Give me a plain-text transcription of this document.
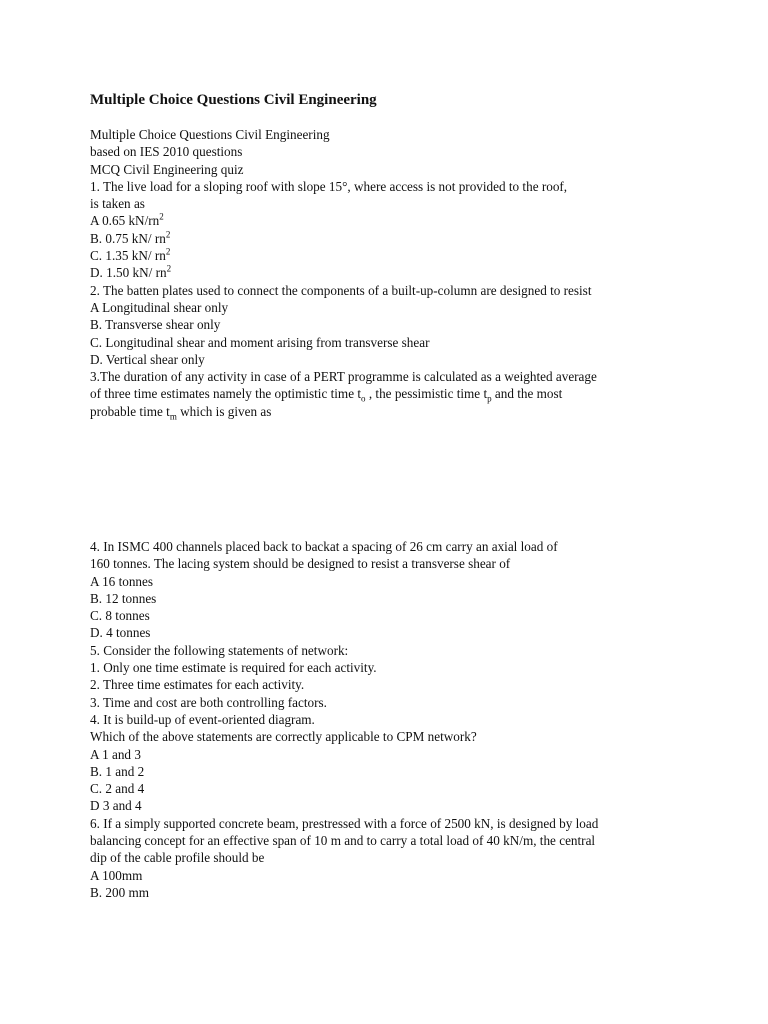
Multiple Choice Questions Civil Engineering
Multiple Choice Questions Civil Engineering
based on IES 2010 questions
MCQ Civil Engineering quiz
1. The live load for a sloping roof with slope 15°, where access is not provided to the roof,
is taken as
A 0.65 $kN/rn^2$
B. 0.75 kN/ $rn^2$
C. 1.35 kN/ $rn^2$
D. 1.50 kN/ $rn^2$
2. The batten plates used to connect the components of a built-up-column are designed to resist
A Longitudinal shear only
B. Transverse shear only
C. Longitudinal shear and moment arising from transverse shear
D. Vertical shear only
3.The duration of any activity in case of a PERT programme is calculated as a weighted average
of three time estimates namely the optimistic time $t_o$ , the pessimistic time $t_p$ and the most
probable time $t_m$ which is given as
4. In ISMC 400 channels placed back to backat a spacing of 26 cm carry an axial load of
160 tonnes. The lacing system should be designed to resist a transverse shear of
A 16 tonnes
B. 12 tonnes
C. 8 tonnes
D. 4 tonnes
5. Consider the following statements of network:
1. Only one time estimate is required for each activity.
2. Three time estimates for each activity.
3. Time and cost are both controlling factors.
4. It is build-up of event-oriented diagram.
Which of the above statements are correctly applicable to CPM network?
A 1 and 3
B. 1 and 2
C. 2 and 4
D 3 and 4
6. If a simply supported concrete beam, prestressed with a force of 2500 kN, is designed by load
balancing concept for an effective span of 10 m and to carry a total load of 40 kN/m, the central
dip of the cable profile should be
A 100mm
B. 200 mm
